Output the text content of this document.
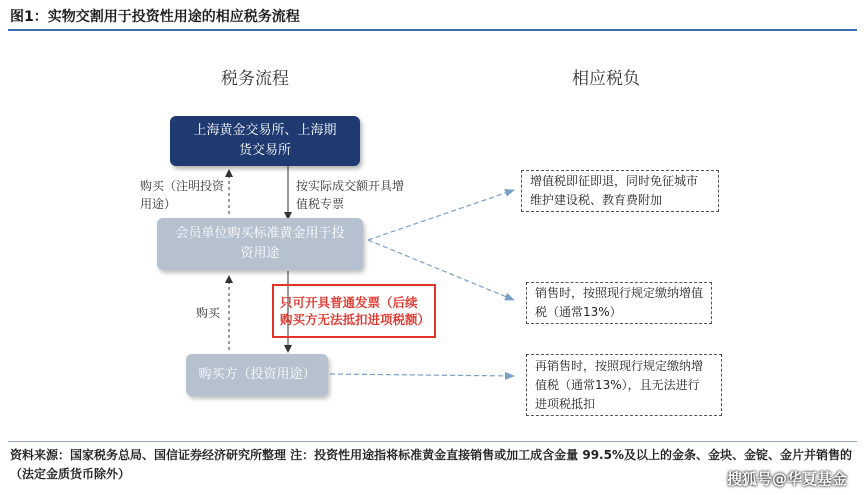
图1：实物交割用于投资性用途的相应税务流程
税务流程	相应税负
上海黄金交易所、上海期货交易所
会员单位购买标准黄金用于投资用途
购买方（投资用途）
购买（注明投资用途）
按实际成交额开具增值税专票
购买
只可开具普通发票（后续购买方无法抵扣进项税额）
增值税即征即退，同时免征城市维护建设税、教育费附加
销售时，按照现行规定缴纳增值税（通常13%）
再销售时，按照现行规定缴纳增值税（通常13%），且无法进行进项税抵扣
资料来源：国家税务总局、国信证券经济研究所整理 注：投资性用途指将标准黄金直接销售或加工成含金量 99.5%及以上的金条、金块、金锭、金片并销售的（法定金质货币除外）	搜狐号@华夏基金
